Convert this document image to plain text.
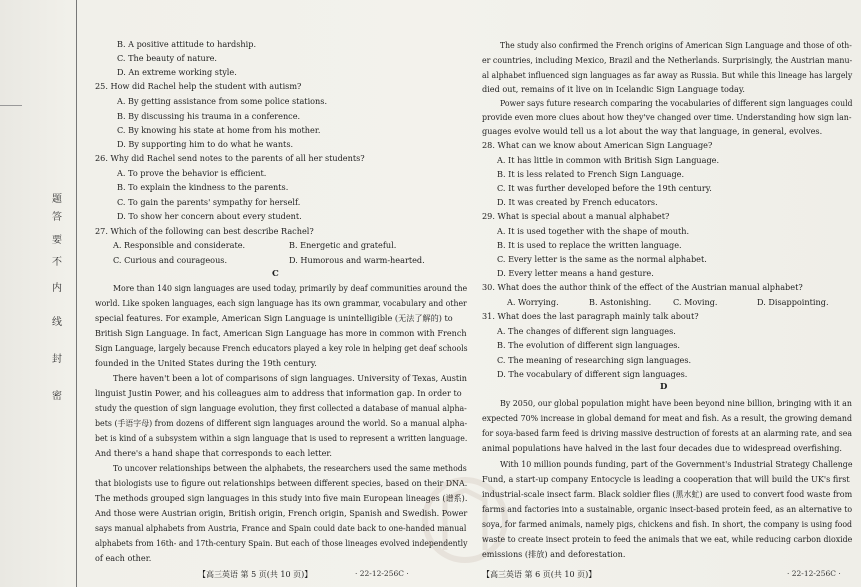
密
封
线
内
不
要
答
题
B. A positive attitude to hardship.
C. The beauty of nature.
D. An extreme working style.
25. How did Rachel help the student with autism?
A. By getting assistance from some police stations.
B. By discussing his trauma in a conference.
C. By knowing his state at home from his mother.
D. By supporting him to do what he wants.
26. Why did Rachel send notes to the parents of all her students?
A. To prove the behavior is efficient.
B. To explain the kindness to the parents.
C. To gain the parents' sympathy for herself.
D. To show her concern about every student.
27. Which of the following can best describe Rachel?
A. Responsible and considerate.	B. Energetic and grateful.
C. Curious and courageous.	D. Humorous and warm-hearted.
C
More than 140 sign languages are used today, primarily by deaf communities around the
world. Like spoken languages, each sign language has its own grammar, vocabulary and other
special features. For example, American Sign Language is unintelligible (无法了解的) to
British Sign Language. In fact, American Sign Language has more in common with French
Sign Language, largely because French educators played a key role in helping get deaf schools
founded in the United States during the 19th century.
There haven't been a lot of comparisons of sign languages. University of Texas, Austin
linguist Justin Power, and his colleagues aim to address that information gap. In order to
study the question of sign language evolution, they first collected a database of manual alpha-
bets (手语字母) from dozens of different sign languages around the world. So a manual alpha-
bet is kind of a subsystem within a sign language that is used to represent a written language.
And there's a hand shape that corresponds to each letter.
To uncover relationships between the alphabets, the researchers used the same methods
that biologists use to figure out relationships between different species, based on their DNA.
The methods grouped sign languages in this study into five main European lineages (谱系).
And those were Austrian origin, British origin, French origin, Spanish and Swedish. Power
says manual alphabets from Austria, France and Spain could date back to one-handed manual
alphabets from 16th- and 17th-century Spain. But each of those lineages evolved independently
of each other.
【高三英语 第 5 页(共 10 页)】	· 22-12-256C ·
The study also confirmed the French origins of American Sign Language and those of oth-
er countries, including Mexico, Brazil and the Netherlands. Surprisingly, the Austrian manu-
al alphabet influenced sign languages as far away as Russia. But while this lineage has largely
died out, remains of it live on in Icelandic Sign Language today.
Power says future research comparing the vocabularies of different sign languages could
provide even more clues about how they've changed over time. Understanding how sign lan-
guages evolve would tell us a lot about the way that language, in general, evolves.
28. What can we know about American Sign Language?
A. It has little in common with British Sign Language.
B. It is less related to French Sign Language.
C. It was further developed before the 19th century.
D. It was created by French educators.
29. What is special about a manual alphabet?
A. It is used together with the shape of mouth.
B. It is used to replace the written language.
C. Every letter is the same as the normal alphabet.
D. Every letter means a hand gesture.
30. What does the author think of the effect of the Austrian manual alphabet?
A. Worrying.	B. Astonishing.	C. Moving.	D. Disappointing.
31. What does the last paragraph mainly talk about?
A. The changes of different sign languages.
B. The evolution of different sign languages.
C. The meaning of researching sign languages.
D. The vocabulary of different sign languages.
D
By 2050, our global population might have been beyond nine billion, bringing with it an
expected 70% increase in global demand for meat and fish. As a result, the growing demand
for soya-based farm feed is driving massive destruction of forests at an alarming rate, and sea
animal populations have halved in the last four decades due to widespread overfishing.
With 10 million pounds funding, part of the Government's Industrial Strategy Challenge
Fund, a start-up company Entocycle is leading a cooperation that will build the UK's first
industrial-scale insect farm. Black soldier flies (黑水虻) are used to convert food waste from
farms and factories into a sustainable, organic insect-based protein feed, as an alternative to
soya, for farmed animals, namely pigs, chickens and fish. In short, the company is using food
waste to create insect protein to feed the animals that we eat, while reducing carbon dioxide
emissions (排放) and deforestation.
【高三英语 第 6 页(共 10 页)】	· 22-12-256C ·
